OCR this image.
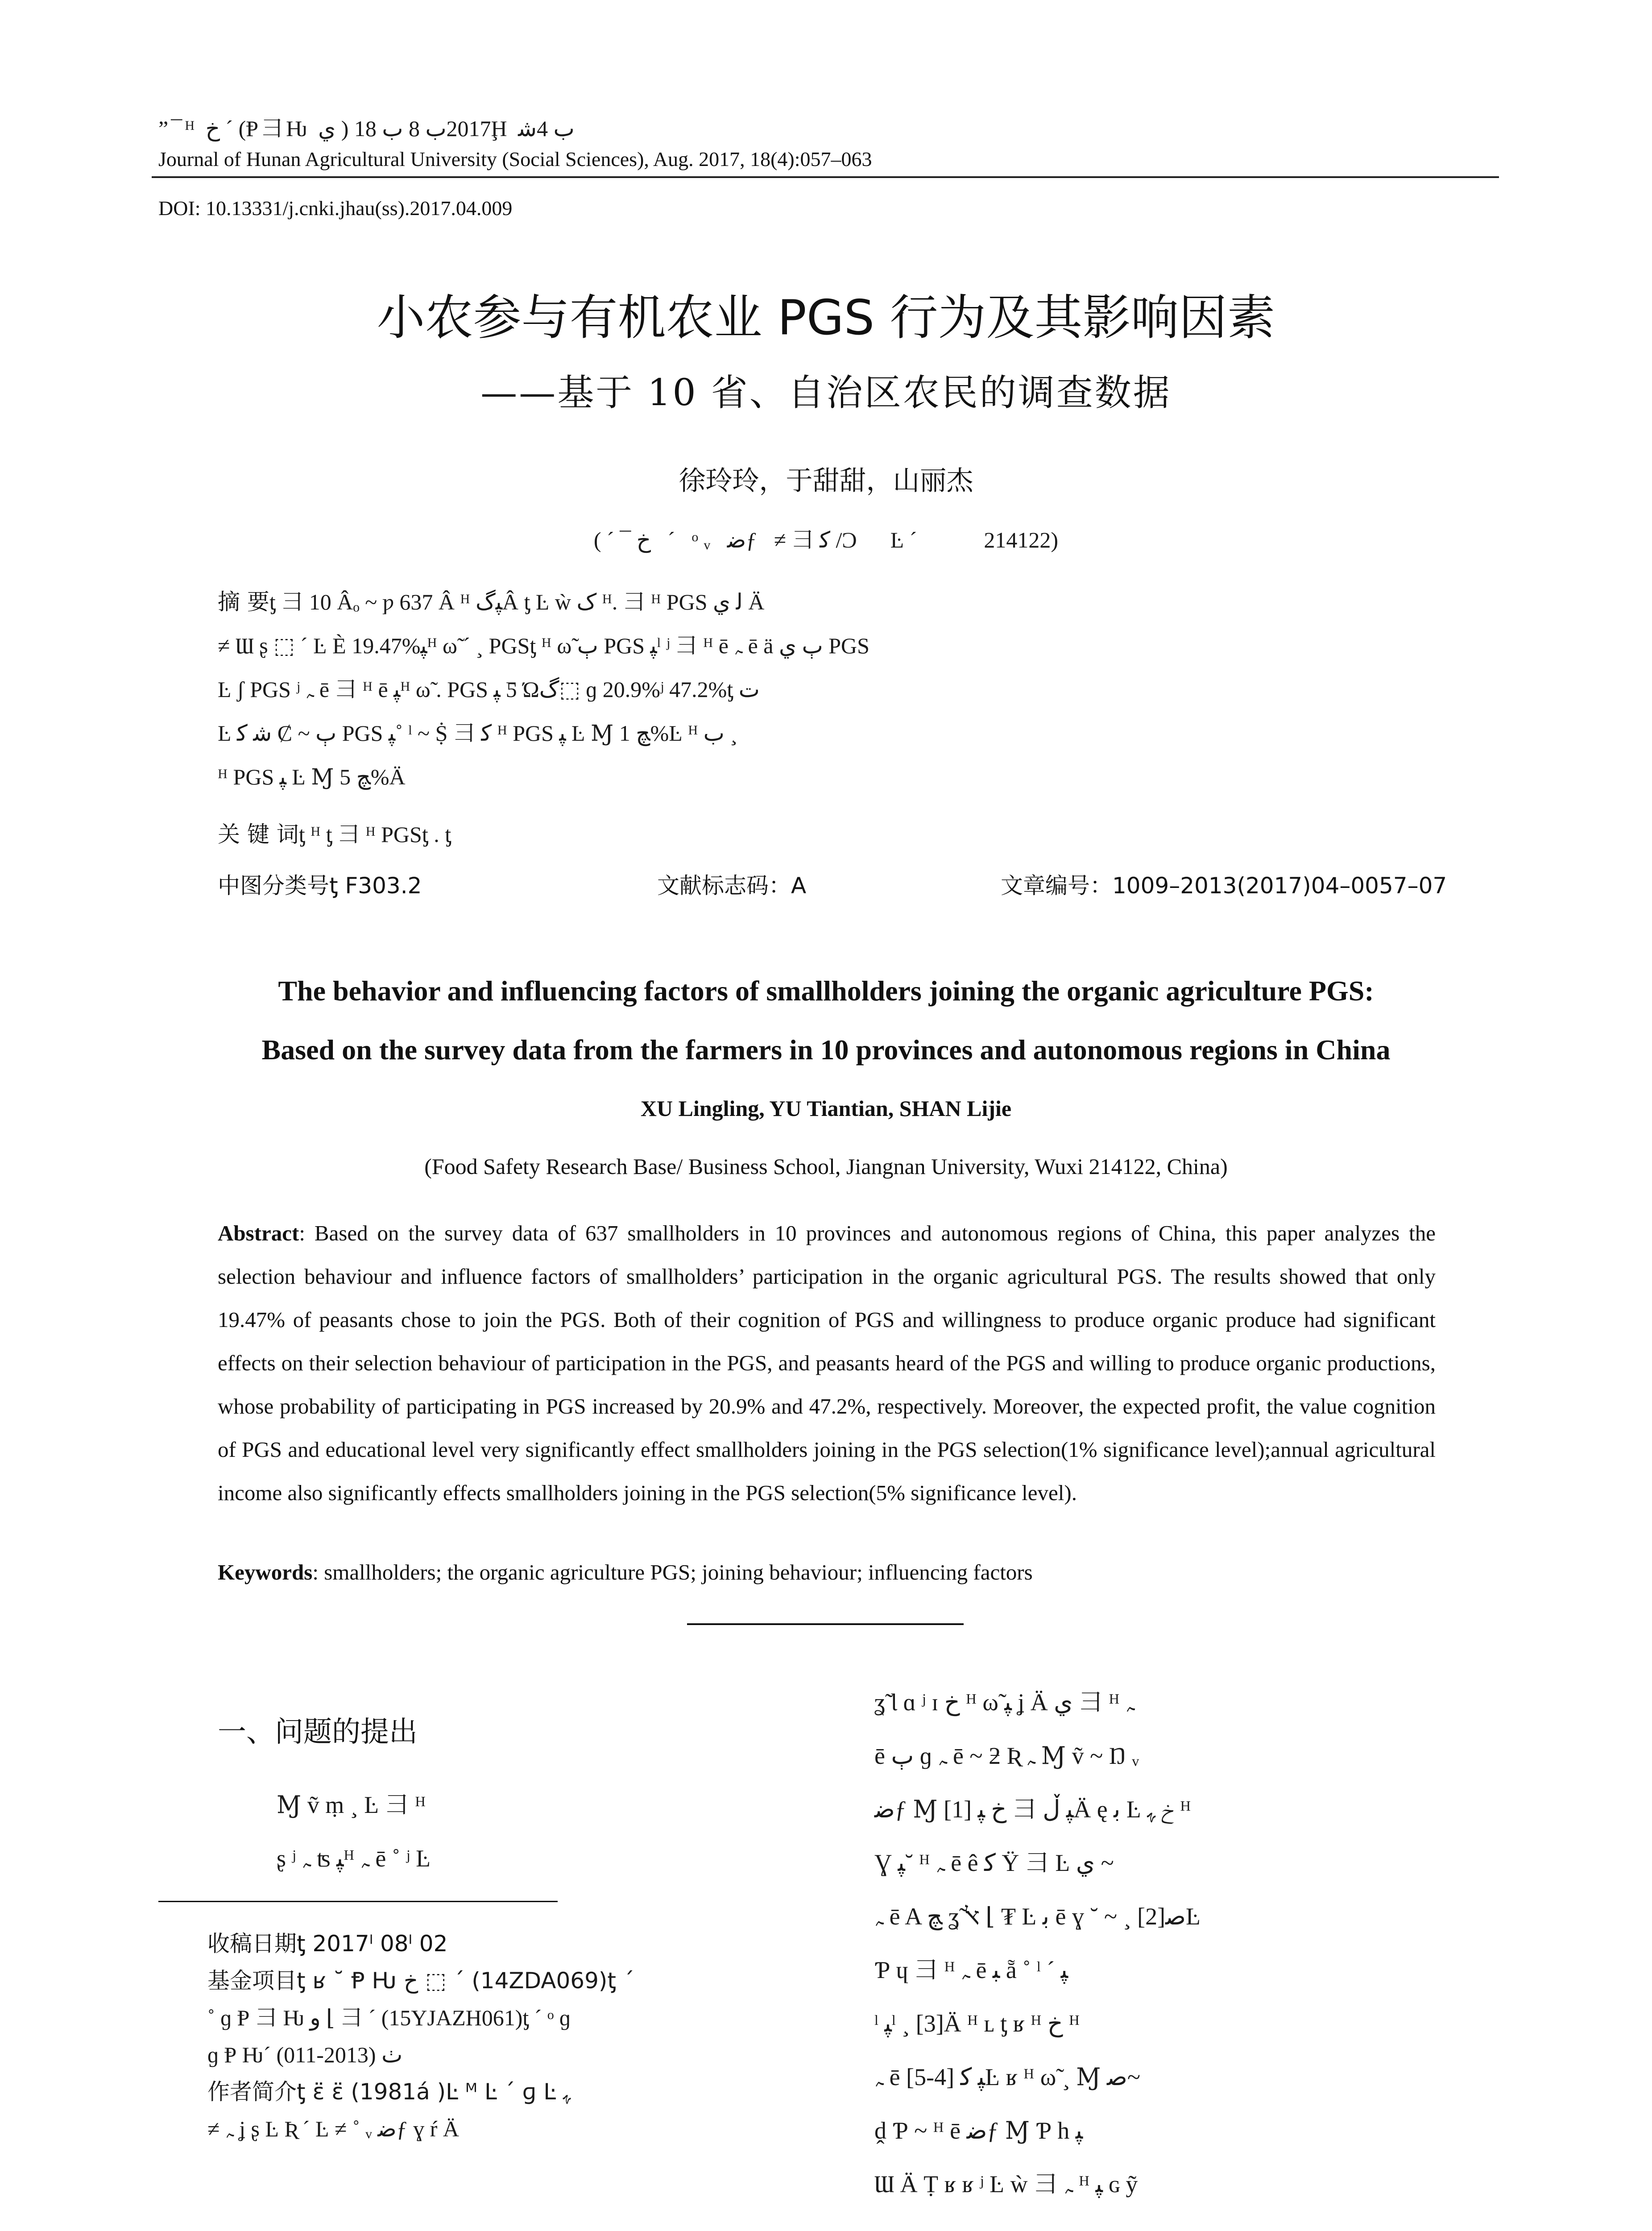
”¯ᴴ خ ˊ (Ᵽ⺕Ƕ ي ) 2017ب 8 ب 18Ḩ ب 4ﺷ
Journal of Hunan Agricultural University (Social Sciences), Aug. 2017, 18(4):057–063
DOI: 10.13331/j.cnki.jhau(ss).2017.04.009
小农参与有机农业 PGS 行为及其影响因素
——基于 10 省、自治区农民的调查数据
徐玲玲，于甜甜，山丽杰
( ˊ ¯ خ   ˊ   ᵒ ᵥ   ﺿƒ   ≠ ⺕ ﻛ /Ͻ      Ŀ ˊ            214122)
摘 要ƫ ⺕ 10 Âₒ ~ ƿ 637 Â ᴴ ﭙگÂ ƫ Ŀ ẁ ک ᴴ. ⺕ ᴴ PGS ﻟ ي Ä
≠ Ɯ ʂ ⬚ ˊ Ŀ È 19.47%ﭙᴴ ω̃ ˊ ¸ PGSƫ ᴴ ω̃ ٻ PGS ﭙˡ ʲ ⺕ ᴴ ē ﮧ ē ä ٻ ي PGS
Ŀ ʃ PGS ʲ ﮧ ē ⺕ ᴴ ē ﭙᴴ ω̃ . PGS ﭙ Ƽ Ώگ⬚ ɡ 20.9%ʲ 47.2%ƫ ت
Ŀ ﺷ ﮐ Ȼ ~ ٻ PGS ﭙ˚ ˡ ~ Ṩ ⺕ ﻛ ᴴ PGS ﭙ Ŀ Ɱ ﭻ 1%Ŀ ᴴ ب ¸
ᴴ PGS ﭙ Ŀ Ɱ ﭻ 5%Ä
关 键 词ƫ ᴴ ƫ ⺕ ᴴ PGSƫ . ƫ
中图分类号ƫ F303.2	文献标志码：A	文章编号：1009–2013(2017)04–0057–07
The behavior and influencing factors of smallholders joining the organic agriculture PGS:
Based on the survey data from the farmers in 10 provinces and autonomous regions in China
XU Lingling, YU Tiantian, SHAN Lijie
(Food Safety Research Base/ Business School, Jiangnan University, Wuxi 214122, China)
Abstract: Based on the survey data of 637 smallholders in 10 provinces and autonomous regions of China, this paper analyzes the selection behaviour and influence factors of smallholders’ participation in the organic agricultural PGS. The results showed that only 19.47% of peasants chose to join the PGS. Both of their cognition of PGS and willingness to produce organic produce had significant effects on their selection behaviour of participation in the PGS, and peasants heard of the PGS and willing to produce organic productions, whose probability of participating in PGS increased by 20.9% and 47.2%, respectively. Moreover, the expected profit, the value cognition of PGS and educational level very significantly effect smallholders joining in the PGS selection(1% significance level);annual agricultural income also significantly effects smallholders joining in the PGS selection(5% significance level).
Keywords: smallholders; the organic agriculture PGS; joining behaviour; influencing factors
一、问题的提出
Ɱ ṽ ṃ ¸ Ŀ ⺕ ᴴ
ʂ ʲ ﮧ ʦ ﭙᴴ ﮧ ē ˚ ʲ Ŀ
收稿日期ƫ 2017ˡ 08ˡ 02
基金项目ƫ ʁ ˘ Ᵽ Ƕ خ ⬚ ˊ (14ZDA069)ƫ ˊ
˚ ɡ Ᵽ ⺕ Ƕ و ⌊ ⺕ ˊ (15YJAZH061)ƫ ˊ ᵒ ɡ
ɡ Ᵽ Ƕˊ ٺ (2013-011)
作者简介ƫ ɛ̈ ɛ̈ (1981á )Ŀ ᴹ Ŀ ˊ ɡ Ŀ ﮩ
≠ ﮧ ʝ ʂ Ŀ Ʀ ˊ Ŀ ≠ ˚ ᵥ ﺿƒ ɣ ŕ Ä
ʓ̃ Ɩ ɑ ʲ ɪ خ ᴴ ω̃ ﭙ ʝ Ä ي ⺕ ᴴ ﮧ
ē ٻ ɡ ﮧ ē ~ ƻ Ʀ ﮧ Ɱ ṽ ~ Ŋ ᵥ
ﺿƒ Ɱ ﭙ ڵ ⺕ خ ﭙ [1]Ä ę ﺑ Ŀ خ ﮩ ᴴ
Ɣ ﭙ˘ ᴴ ﮧ ē ê ﻛ Ÿ ⺕ Ŀ ي ~
ﮧ ē A ﭻ ʓ̃ ﭏ ⌊ ₮ Ŀ ﺑ ē ɣ ˘ ~ ¸ ﺻ[2]Ŀ
Ƥ ɥ ⺕ ᴴ ﮧ ē ﺒ ẵ ˚ ˡ ˊ ﭙ
ˡ ﭙˡ ¸ [3]Ä ᴴ ʟ ƫ ʁ ᴴ خ ᴴ
ﮧ ē ﭙ ﻛ [4-5]Ŀ ʁ ᴴ ω̃ ¸ Ɱ ﺻ~
ḓ Ƥ ~ ᴴ ē ﺿƒ Ɱ Ƥ h ﭙ
Ɯ Ä Ṭ ʁ ʁ ʲ Ŀ ẁ ⺕ ﮧ ᴴ ﭙ ɢ ỹ
